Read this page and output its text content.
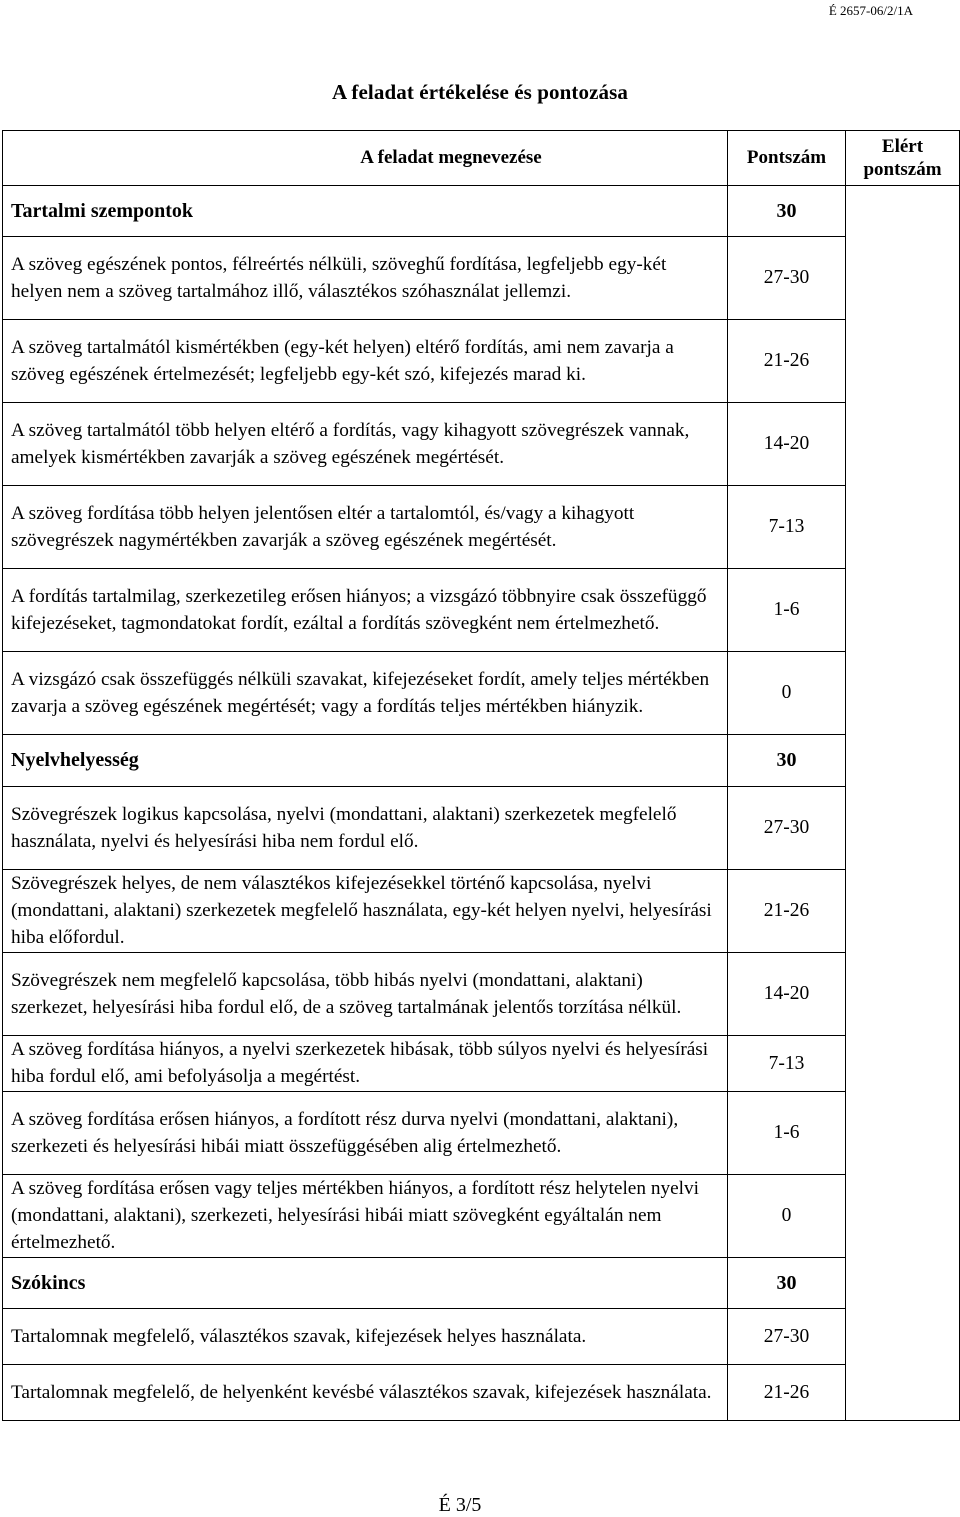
É 2657-06/2/1A
A feladat értékelése és pontozása
A feladat megnevezése	Pontszám	Elért pontszám
Tartalmi szempontok	30	
A szöveg egészének pontos, félreértés nélküli, szöveghű fordítása, legfeljebb egy-két helyen nem a szöveg tartalmához illő, választékos szóhasználat jellemzi.	27-30	
A szöveg tartalmától kismértékben (egy-két helyen) eltérő fordítás, ami nem zavarja a szöveg egészének értelmezését; legfeljebb egy-két szó, kifejezés marad ki.	21-26	
A szöveg tartalmától több helyen eltérő a fordítás, vagy kihagyott szövegrészek vannak, amelyek kismértékben zavarják a szöveg egészének megértését.	14-20	
A szöveg fordítása több helyen jelentősen eltér a tartalomtól, és/vagy a kihagyott szövegrészek nagymértékben zavarják a szöveg egészének megértését.	7-13	
A fordítás tartalmilag, szerkezetileg erősen hiányos; a vizsgázó többnyire csak összefüggő kifejezéseket, tagmondatokat fordít, ezáltal a fordítás szövegként nem értelmezhető.	1-6	
A vizsgázó csak összefüggés nélküli szavakat, kifejezéseket fordít, amely teljes mértékben zavarja a szöveg egészének megértését; vagy a fordítás teljes mértékben hiányzik.	0	
Nyelvhelyesség	30	
Szövegrészek logikus kapcsolása, nyelvi (mondattani, alaktani) szerkezetek megfelelő használata, nyelvi és helyesírási hiba nem fordul elő.	27-30	
Szövegrészek helyes, de nem választékos kifejezésekkel történő kapcsolása, nyelvi (mondattani, alaktani) szerkezetek megfelelő használata, egy-két helyen nyelvi, helyesírási hiba előfordul.	21-26	
Szövegrészek nem megfelelő kapcsolása, több hibás nyelvi (mondattani, alaktani) szerkezet, helyesírási hiba fordul elő, de a szöveg tartalmának jelentős torzítása nélkül.	14-20	
A szöveg fordítása hiányos, a nyelvi szerkezetek hibásak, több súlyos nyelvi és helyesírási hiba fordul elő, ami befolyásolja a megértést.	7-13	
A szöveg fordítása erősen hiányos, a fordított rész durva nyelvi (mondattani, alaktani), szerkezeti és helyesírási hibái miatt összefüggésében alig értelmezhető.	1-6	
A szöveg fordítása erősen vagy teljes mértékben hiányos, a fordított rész helytelen nyelvi (mondattani, alaktani), szerkezeti, helyesírási hibái miatt szövegként egyáltalán nem értelmezhető.	0	
Szókincs	30	
Tartalomnak megfelelő, választékos szavak, kifejezések helyes használata.	27-30	
Tartalomnak megfelelő, de helyenként kevésbé választékos szavak, kifejezések használata.	21-26	
É 3/5
